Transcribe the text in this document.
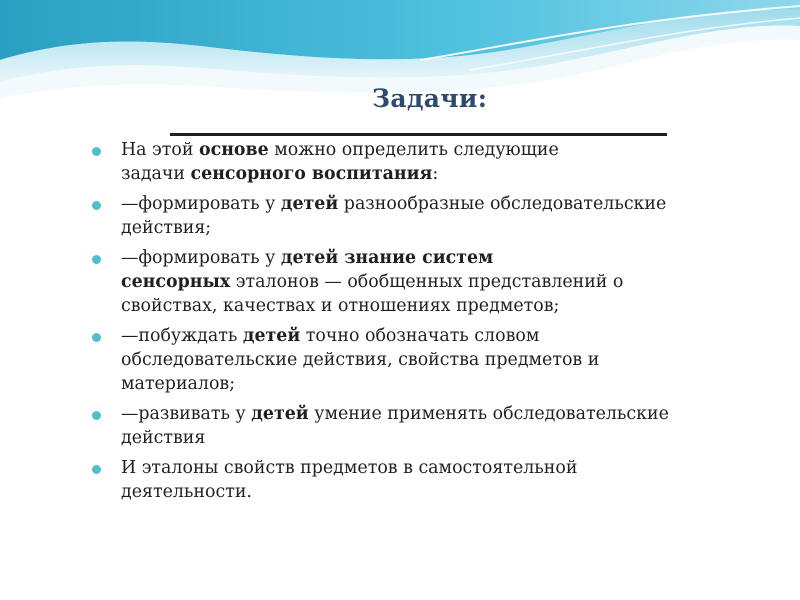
Задачи:
На этой основе можно определить следующие
задачи сенсорного воспитания:
—формировать у детей разнообразные обследовательские
действия;
—формировать у детей знание систем
сенсорных эталонов — обобщенных представлений о
свойствах, качествах и отношениях предметов;
—побуждать детей точно обозначать словом
обследовательские действия, свойства предметов и
материалов;
—развивать у детей умение применять обследовательские
действия
И эталоны свойств предметов в самостоятельной
деятельности.
